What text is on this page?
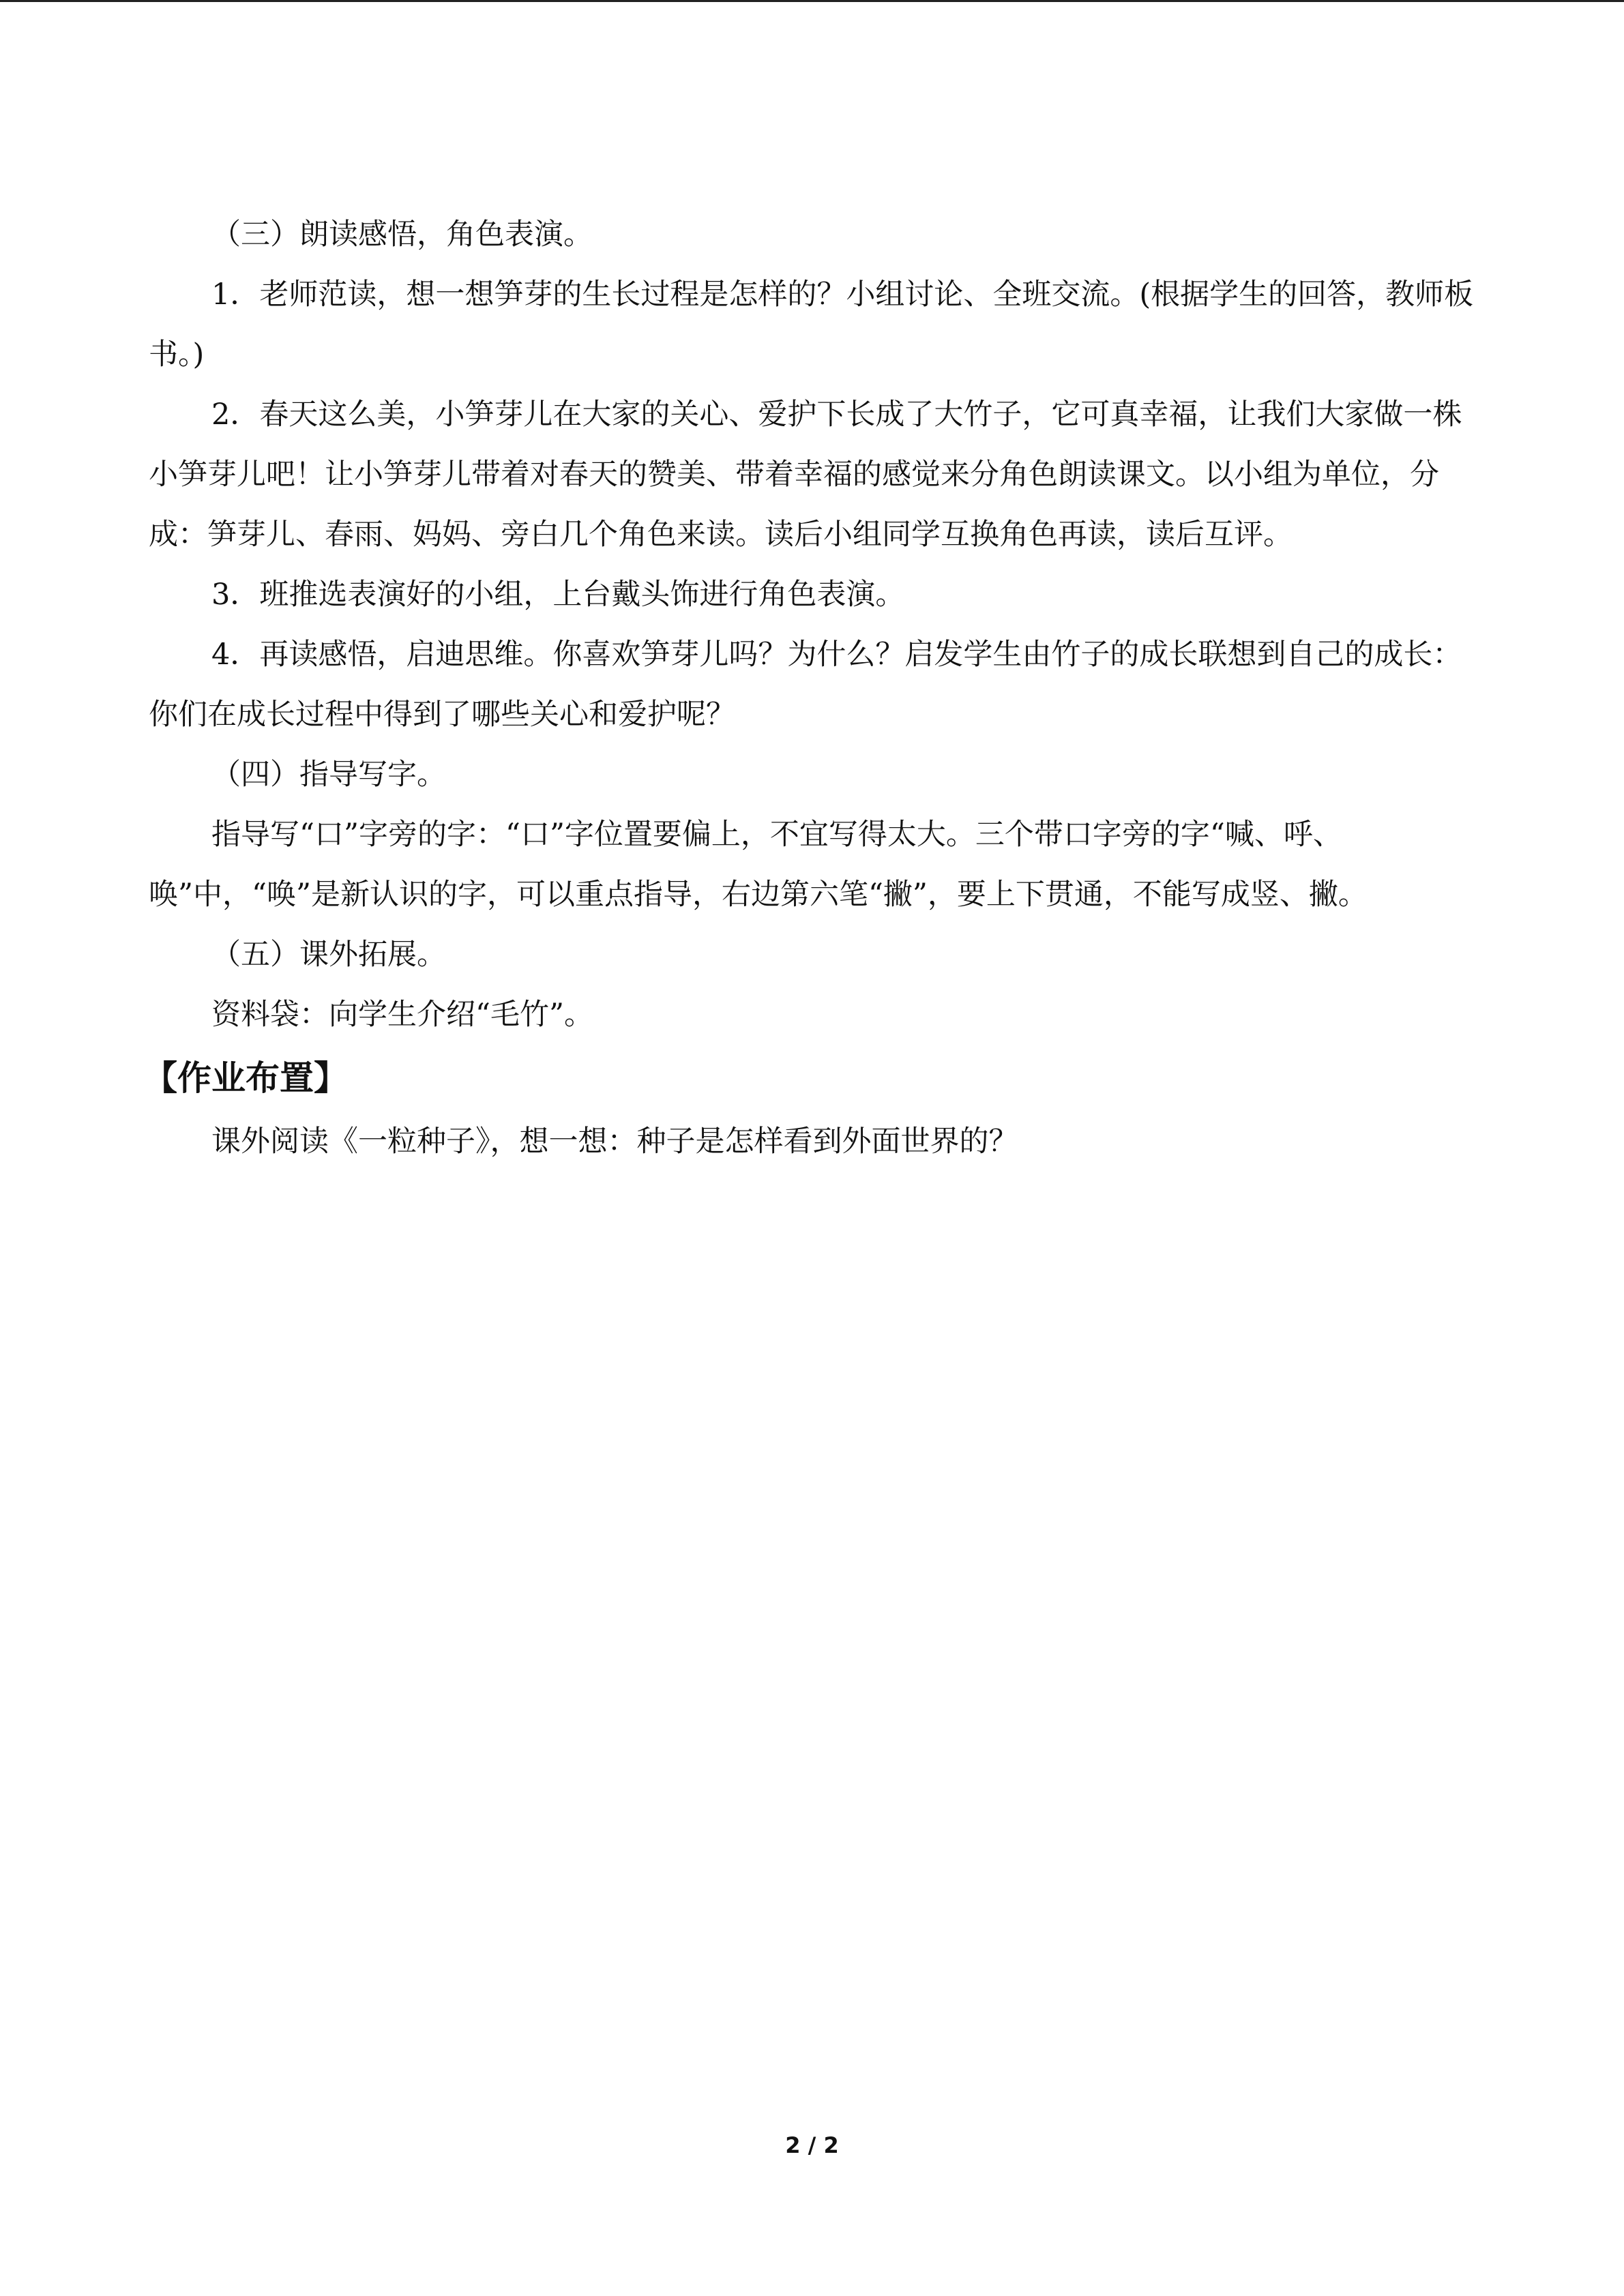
（三）朗读感悟，角色表演。

1．老师范读，想一想笋芽的生长过程是怎样的？小组讨论、全班交流。(根据学生的回答，教师板书。)

2．春天这么美，小笋芽儿在大家的关心、爱护下长成了大竹子，它可真幸福，让我们大家做一株小笋芽儿吧！让小笋芽儿带着对春天的赞美、带着幸福的感觉来分角色朗读课文。以小组为单位，分成：笋芽儿、春雨、妈妈、旁白几个角色来读。读后小组同学互换角色再读，读后互评。

3．班推选表演好的小组，上台戴头饰进行角色表演。

4．再读感悟，启迪思维。你喜欢笋芽儿吗？为什么？启发学生由竹子的成长联想到自己的成长：你们在成长过程中得到了哪些关心和爱护呢？

（四）指导写字。

指导写“口”字旁的字：“口”字位置要偏上，不宜写得太大。三个带口字旁的字“喊、呼、唤”中，“唤”是新认识的字，可以重点指导，右边第六笔“撇”，要上下贯通，不能写成竖、撇。

（五）课外拓展。

资料袋：向学生介绍“毛竹”。

【作业布置】

课外阅读《一粒种子》，想一想：种子是怎样看到外面世界的？

2 / 2
